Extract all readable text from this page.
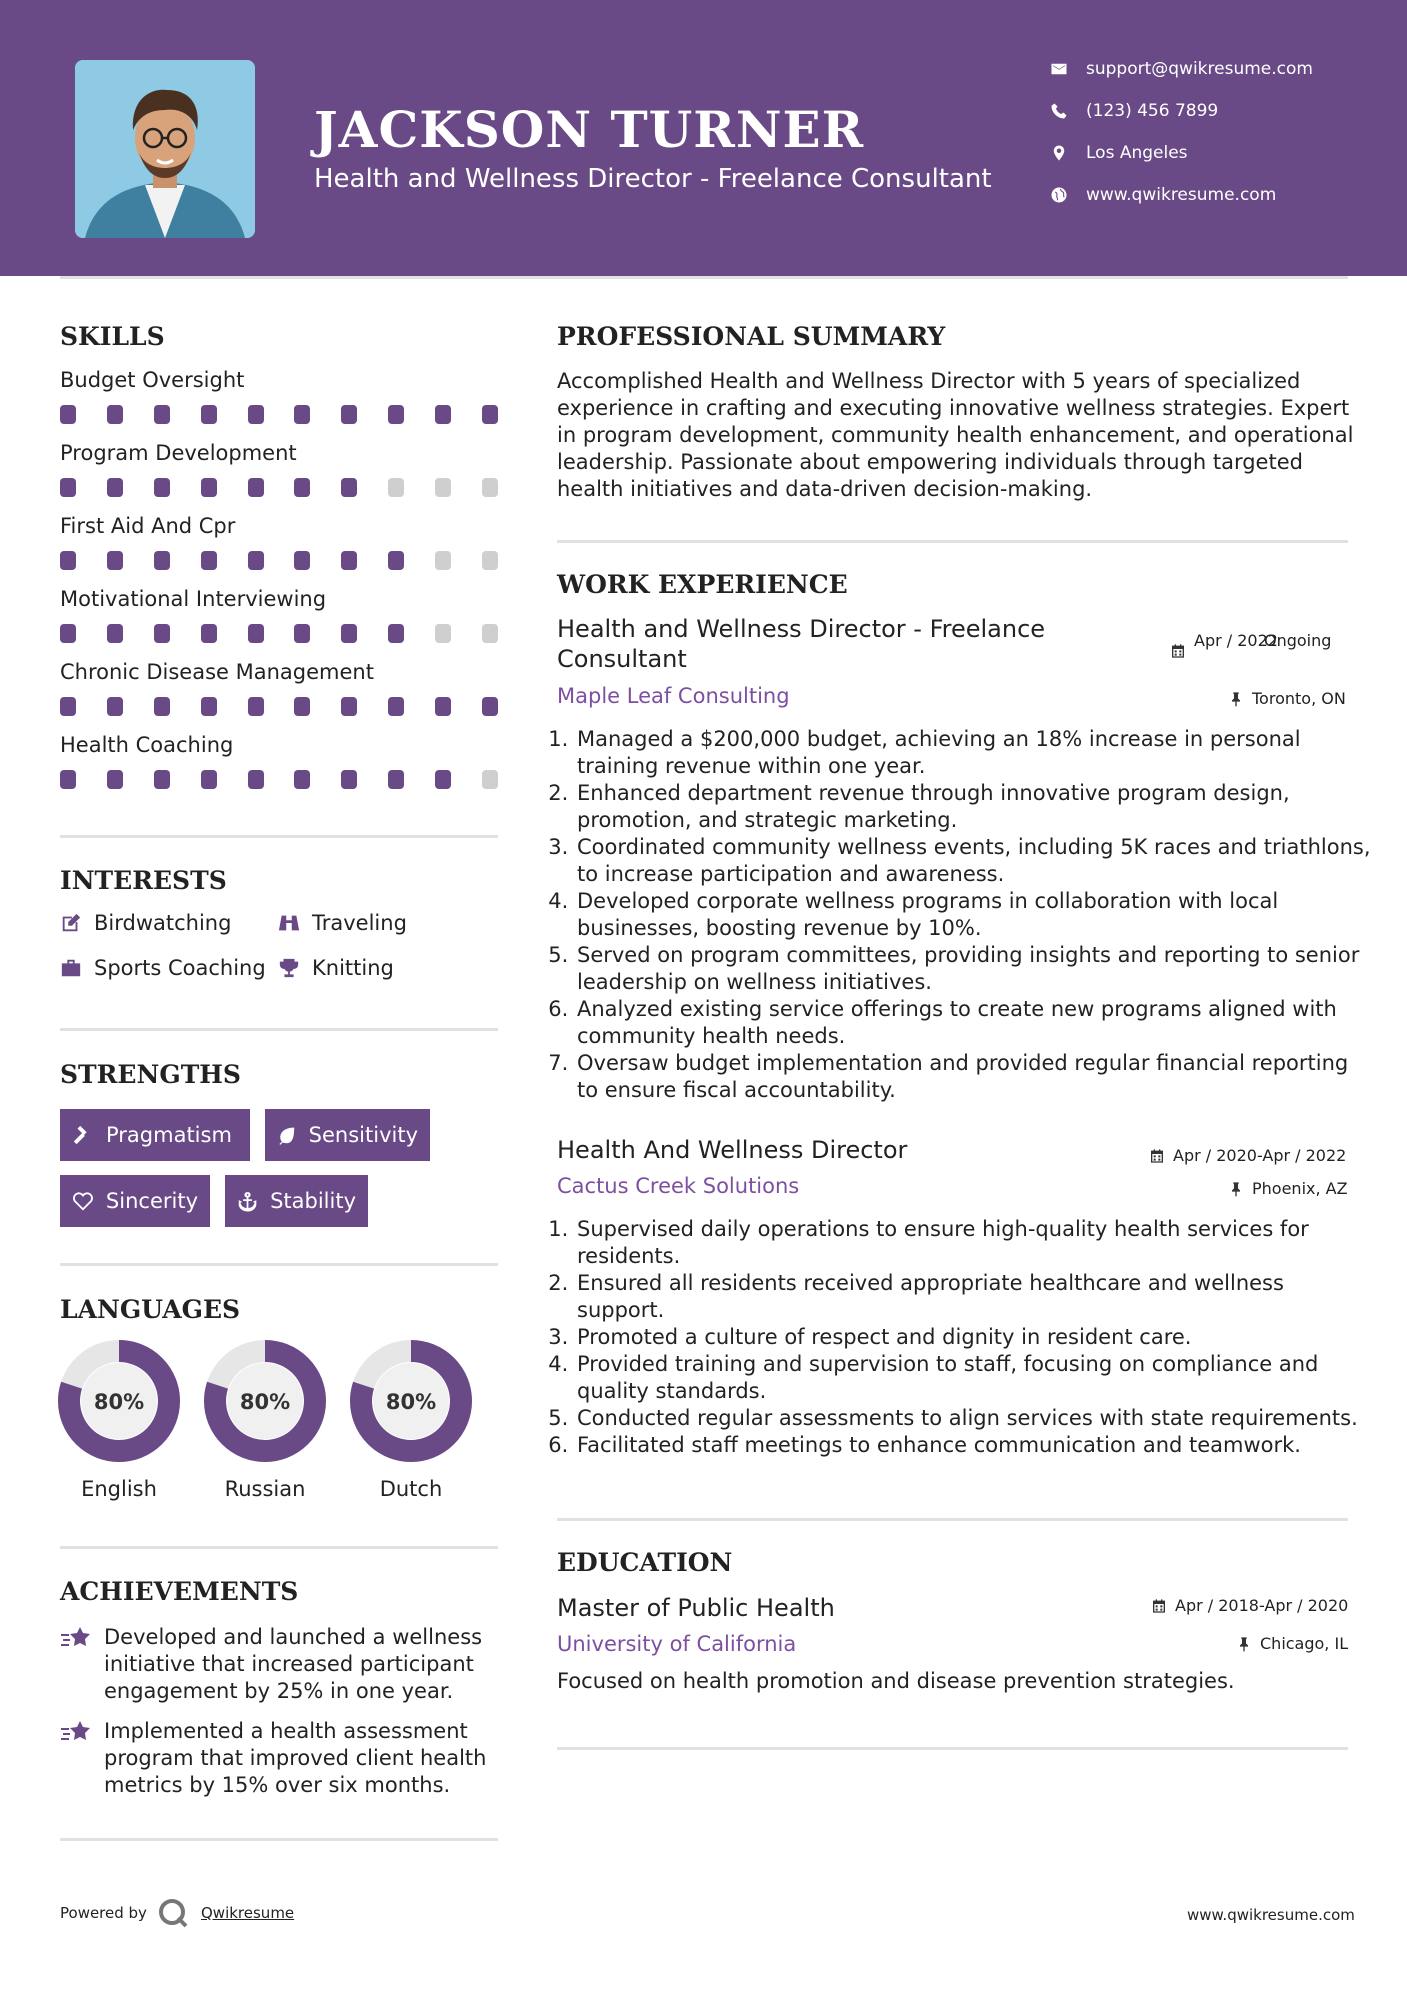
JACKSON TURNER
Health and Wellness Director - Freelance Consultant
support@qwikresume.com
(123) 456 7899
Los Angeles
www.qwikresume.com
SKILLS
Budget Oversight
Program Development
First Aid And Cpr
Motivational Interviewing
Chronic Disease Management
Health Coaching
INTERESTS
Birdwatching	Traveling
Sports Coaching Knitting
STRENGTHS
Pragmatism	Sensitivity
Sincerity	Stability
LANGUAGES
80%
English
80%
Russian
80%
Dutch
ACHIEVEMENTS
Developed and launched a wellness initiative that increased participant engagement by 25% in one year.
Implemented a health assessment program that improved client health metrics by 15% over six months.
PROFESSIONAL SUMMARY
Accomplished Health and Wellness Director with 5 years of specialized experience in crafting and executing innovative wellness strategies. Expert in program development, community health enhancement, and operational leadership. Passionate about empowering individuals through targeted health initiatives and data-driven decision-making.
WORK EXPERIENCE
Health and Wellness Director - Freelance Consultant
Apr / 2022
Ongoing
Maple Leaf Consulting	Toronto, ON
1. Managed a $200,000 budget, achieving an 18% increase in personal training revenue within one year.
2. Enhanced department revenue through innovative program design, promotion, and strategic marketing.
3. Coordinated community wellness events, including 5K races and triathlons, to increase participation and awareness.
4. Developed corporate wellness programs in collaboration with local businesses, boosting revenue by 10%.
5. Served on program committees, providing insights and reporting to senior leadership on wellness initiatives.
6. Analyzed existing service offerings to create new programs aligned with community health needs.
7. Oversaw budget implementation and provided regular financial reporting to ensure fiscal accountability.
Health And Wellness Director	Apr / 2020-Apr / 2022
Cactus Creek Solutions	Phoenix, AZ
1. Supervised daily operations to ensure high-quality health services for residents.
2. Ensured all residents received appropriate healthcare and wellness support.
3. Promoted a culture of respect and dignity in resident care.
4. Provided training and supervision to staff, focusing on compliance and quality standards.
5. Conducted regular assessments to align services with state requirements.
6. Facilitated staff meetings to enhance communication and teamwork.
EDUCATION
Master of Public Health	Apr / 2018-Apr / 2020
University of California	Chicago, IL
Focused on health promotion and disease prevention strategies.
Powered by	Qwikresume	www.qwikresume.com
